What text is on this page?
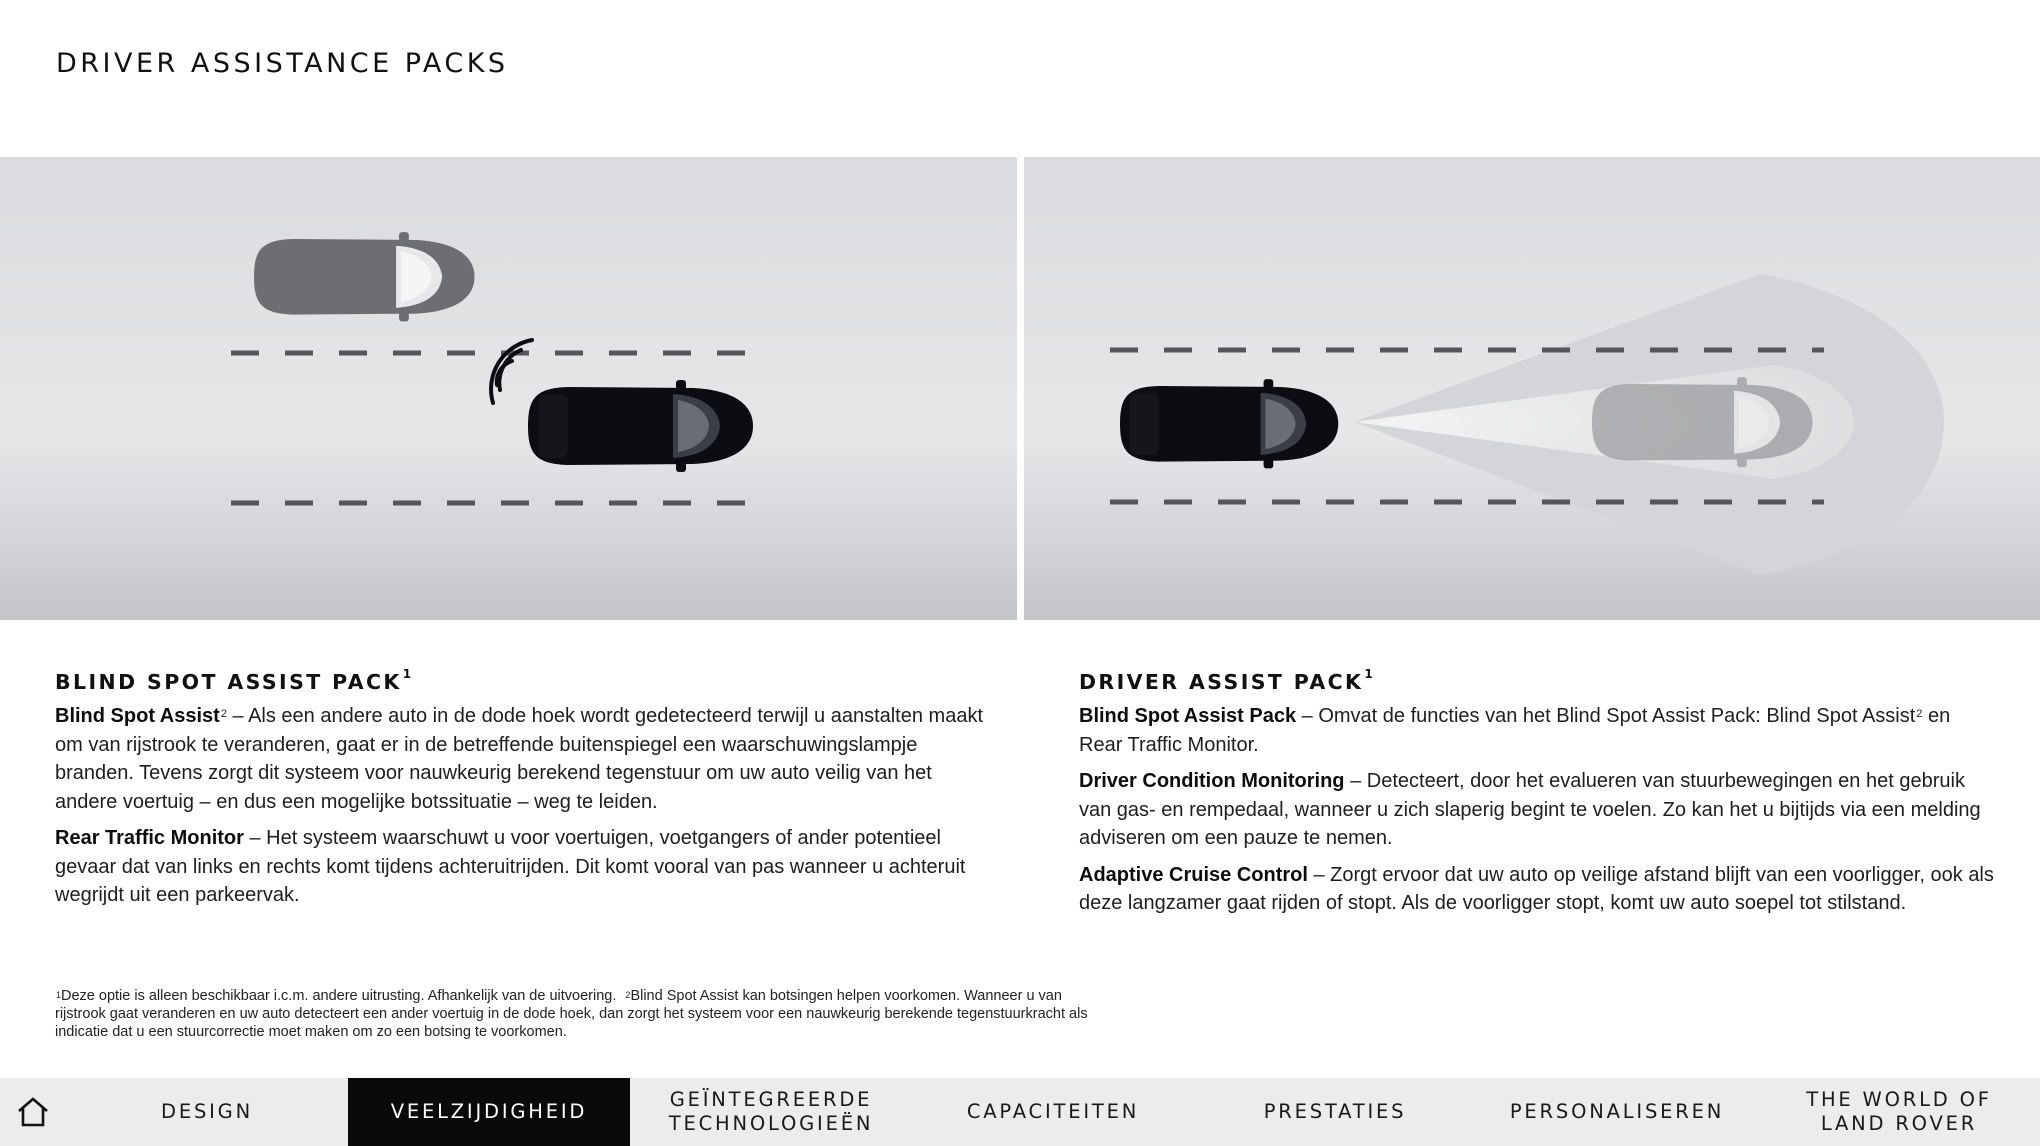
DRIVER ASSISTANCE PACKS
BLIND SPOT ASSIST PACK$^1$

Blind Spot Assist$^2$ – Als een andere auto in de dode hoek wordt gedetecteerd terwijl u aanstalten maakt om van rijstrook te veranderen, gaat er in de betreffende buitenspiegel een waarschuwingslampje branden. Tevens zorgt dit systeem voor nauwkeurig berekend tegenstuur om uw auto veilig van het andere voertuig – en dus een mogelijke botssituatie – weg te leiden.

Rear Traffic Monitor – Het systeem waarschuwt u voor voertuigen, voetgangers of ander potentieel gevaar dat van links en rechts komt tijdens achteruitrijden. Dit komt vooral van pas wanneer u achteruit wegrijdt uit een parkeervak.

DRIVER ASSIST PACK$^1$

Blind Spot Assist Pack – Omvat de functies van het Blind Spot Assist Pack: Blind Spot Assist$^2$ en Rear Traffic Monitor.

Driver Condition Monitoring – Detecteert, door het evalueren van stuurbewegingen en het gebruik van gas- en rempedaal, wanneer u zich slaperig begint te voelen. Zo kan het u bijtijds via een melding adviseren om een pauze te nemen.

Adaptive Cruise Control – Zorgt ervoor dat uw auto op veilige afstand blijft van een voorligger, ook als deze langzamer gaat rijden of stopt. Als de voorligger stopt, komt uw auto soepel tot stilstand.

$^1$Deze optie is alleen beschikbaar i.c.m. andere uitrusting. Afhankelijk van de uitvoering. $^2$Blind Spot Assist kan botsingen helpen voorkomen. Wanneer u van rijstrook gaat veranderen en uw auto detecteert een ander voertuig in de dode hoek, dan zorgt het systeem voor een nauwkeurig berekende tegenstuurkracht als indicatie dat u een stuurcorrectie moet maken om zo een botsing te voorkomen.
DESIGN	VEELZIJDIGHEID
GEÏNTEGREERDE
TECHNOLOGIEËN
CAPACITEITEN	PRESTATIES	PERSONALISEREN
THE WORLD OF
LAND ROVER
